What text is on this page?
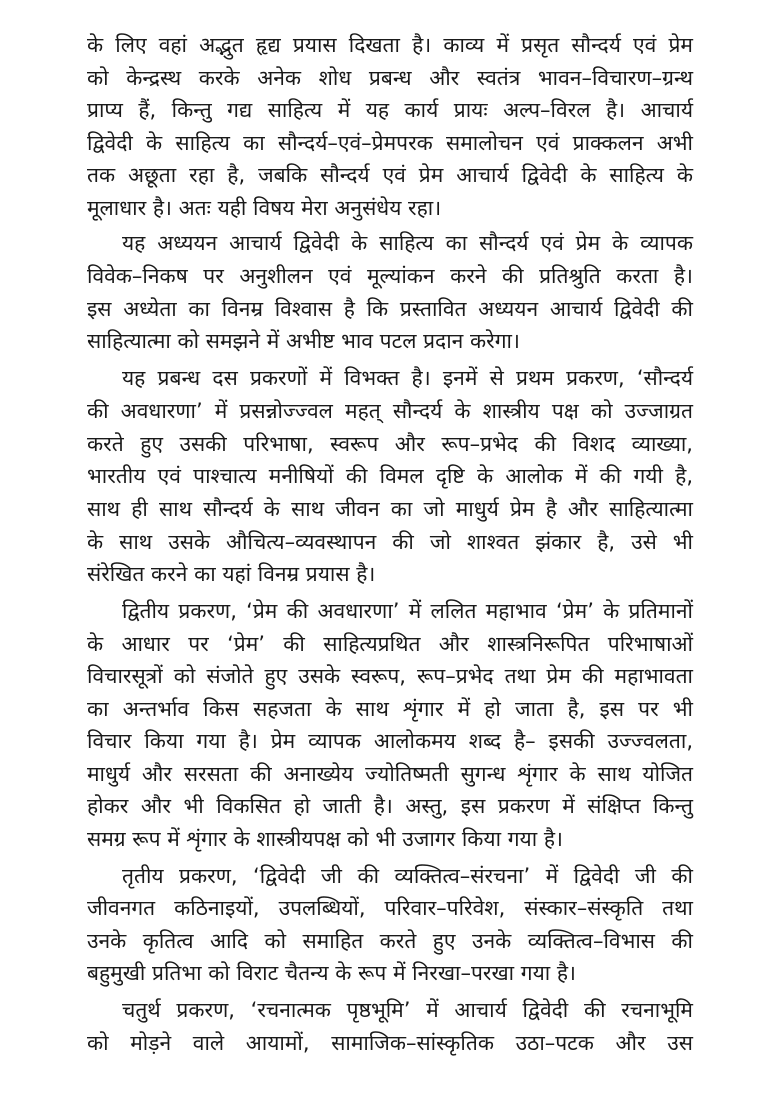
के लिए वहां अद्भुत हृद्य प्रयास दिखता है। काव्य में प्रसृत सौन्दर्य एवं प्रेम
को केन्द्रस्थ करके अनेक शोध प्रबन्ध और स्वतंत्र भावन–विचारण–ग्रन्थ
प्राप्य हैं, किन्तु गद्य साहित्य में यह कार्य प्रायः अल्प–विरल है। आचार्य
द्विवेदी के साहित्य का सौन्दर्य–एवं–प्रेमपरक समालोचन एवं प्राक्कलन अभी
तक अछूता रहा है, जबकि सौन्दर्य एवं प्रेम आचार्य द्विवेदी के साहित्य के
मूलाधार है। अतः यही विषय मेरा अनुसंधेय रहा।
यह अध्ययन आचार्य द्विवेदी के साहित्य का सौन्दर्य एवं प्रेम के व्यापक
विवेक–निकष पर अनुशीलन एवं मूल्यांकन करने की प्रतिश्रुति करता है।
इस अध्येता का विनम्र विश्वास है कि प्रस्तावित अध्ययन आचार्य द्विवेदी की
साहित्यात्मा को समझने में अभीष्ट भाव पटल प्रदान करेगा।
यह प्रबन्ध दस प्रकरणों में विभक्त है। इनमें से प्रथम प्रकरण, ‘सौन्दर्य
की अवधारणा’ में प्रसन्नोज्ज्वल महत् सौन्दर्य के शास्त्रीय पक्ष को उज्जाग्रत
करते हुए उसकी परिभाषा, स्वरूप और रूप–प्रभेद की विशद व्याख्या,
भारतीय एवं पाश्चात्य मनीषियों की विमल दृष्टि के आलोक में की गयी है,
साथ ही साथ सौन्दर्य के साथ जीवन का जो माधुर्य प्रेम है और साहित्यात्मा
के साथ उसके औचित्य–व्यवस्थापन की जो शाश्वत झंकार है, उसे भी
संरेखित करने का यहां विनम्र प्रयास है।
द्वितीय प्रकरण, ‘प्रेम की अवधारणा’ में ललित महाभाव ‘प्रेम’ के प्रतिमानों
के आधार पर ‘प्रेम’ की साहित्यप्रथित और शास्त्रनिरूपित परिभाषाओं
विचारसूत्रों को संजोते हुए उसके स्वरूप, रूप–प्रभेद तथा प्रेम की महाभावता
का अन्तर्भाव किस सहजता के साथ शृंगार में हो जाता है, इस पर भी
विचार किया गया है। प्रेम व्यापक आलोकमय शब्द है– इसकी उज्ज्वलता,
माधुर्य और सरसता की अनाख्येय ज्योतिष्मती सुगन्ध शृंगार के साथ योजित
होकर और भी विकसित हो जाती है। अस्तु, इस प्रकरण में संक्षिप्त किन्तु
समग्र रूप में शृंगार के शास्त्रीयपक्ष को भी उजागर किया गया है।
तृतीय प्रकरण, ‘द्विवेदी जी की व्यक्तित्व–संरचना’ में द्विवेदी जी की
जीवनगत कठिनाइयों, उपलब्धियों, परिवार–परिवेश, संस्कार–संस्कृति तथा
उनके कृतित्व आदि को समाहित करते हुए उनके व्यक्तित्व–विभास की
बहुमुखी प्रतिभा को विराट चैतन्य के रूप में निरखा–परखा गया है।
चतुर्थ प्रकरण, ‘रचनात्मक पृष्ठभूमि’ में आचार्य द्विवेदी की रचनाभूमि
को मोड़ने वाले आयामों, सामाजिक–सांस्कृतिक उठा–पटक और उस
